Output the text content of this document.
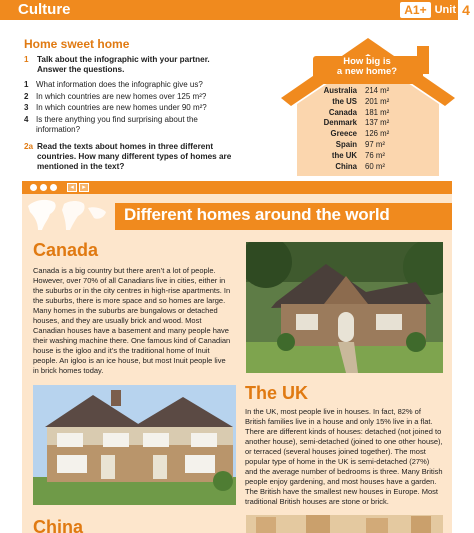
Culture	A1+ Unit 4
Home sweet home
1 Talk about the infographic with your partner.
Answer the questions.
1 What information does the infographic give us?
2 In which countries are new homes over 125 m²?
3 In which countries are new homes under 90 m²?
4 Is there anything you find surprising about the
information?
2a Read the texts about homes in three different
countries. How many different types of homes are
mentioned in the text?
How big is
a new home?
Australia 214 m²
the US 201 m²
Canada 181 m²
Denmark 137 m²
Greece 126 m²
Spain 97 m²
the UK 76 m²
China 60 m²
◂	▸
Different homes around the world
Canada
Canada is a big country but there aren’t a lot of people.
However, over 70% of all Canadians live in cities, either in
the suburbs or in the city centres in high-rise apartments. In
the suburbs, there is more space and so homes are large.
Many homes in the suburbs are bungalows or detached
houses, and they are usually brick and wood. Most
Canadian houses have a basement and many people have
their washing machine there. One famous kind of Canadian
house is the igloo and it’s the traditional home of Inuit
people. An igloo is an ice house, but most Inuit people live
in brick homes today.
The UK
In the UK, most people live in houses. In fact, 82% of
British families live in a house and only 15% live in a flat.
There are different kinds of houses: detached (not joined to
another house), semi-detached (joined to one other house),
or terraced (several houses joined together). The most
popular type of home in the UK is semi-detached (27%)
and the average number of bedrooms is three. Many British
people enjoy gardening, and most houses have a garden.
The British have the smallest new houses in Europe. Most
traditional British houses are stone or brick.
China
